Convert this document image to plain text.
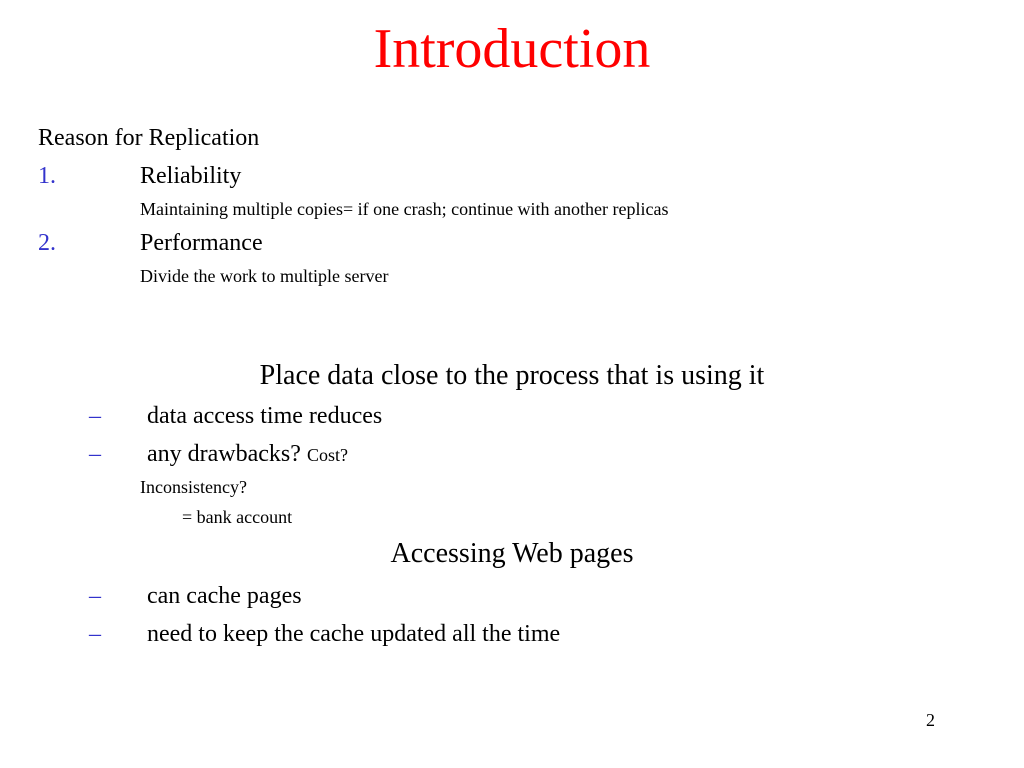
Introduction
Reason for Replication
1.	Reliability
Maintaining multiple copies= if one crash; continue with another replicas
2.	Performance
Divide the work to multiple server
Place data close to the process that is using it
– data access time reduces
– any drawbacks? Cost?
Inconsistency?
= bank account
Accessing Web pages
– can cache pages
– need to keep the cache updated all the time
2
